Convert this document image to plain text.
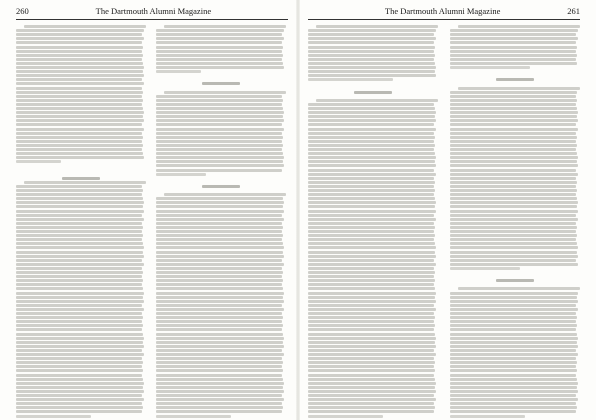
260	The Dartmouth Alumni Magazine	The Dartmouth Alumni Magazine	261
